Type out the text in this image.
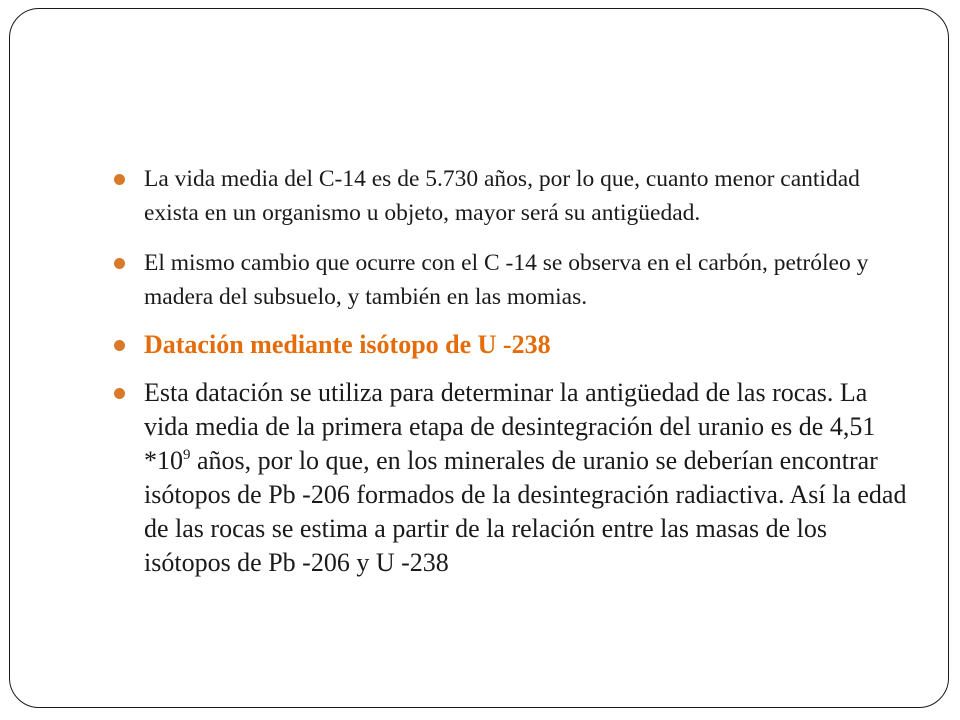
La vida media del C-14 es de 5.730 años, por lo que, cuanto menor cantidad exista en un organismo u objeto, mayor será su antigüedad.
El mismo cambio que ocurre con el C -14 se observa en el carbón, petróleo y madera del subsuelo, y también en las momias.
Datación mediante isótopo de U -238
Esta datación se utiliza para determinar la antigüedad de las rocas. La vida media de la primera etapa de desintegración del uranio es de 4,51 $*10^9$ años, por lo que, en los minerales de uranio se deberían encontrar isótopos de Pb -206 formados de la desintegración radiactiva. Así la edad de las rocas se estima a partir de la relación entre las masas de los isótopos de Pb -206 y U -238
